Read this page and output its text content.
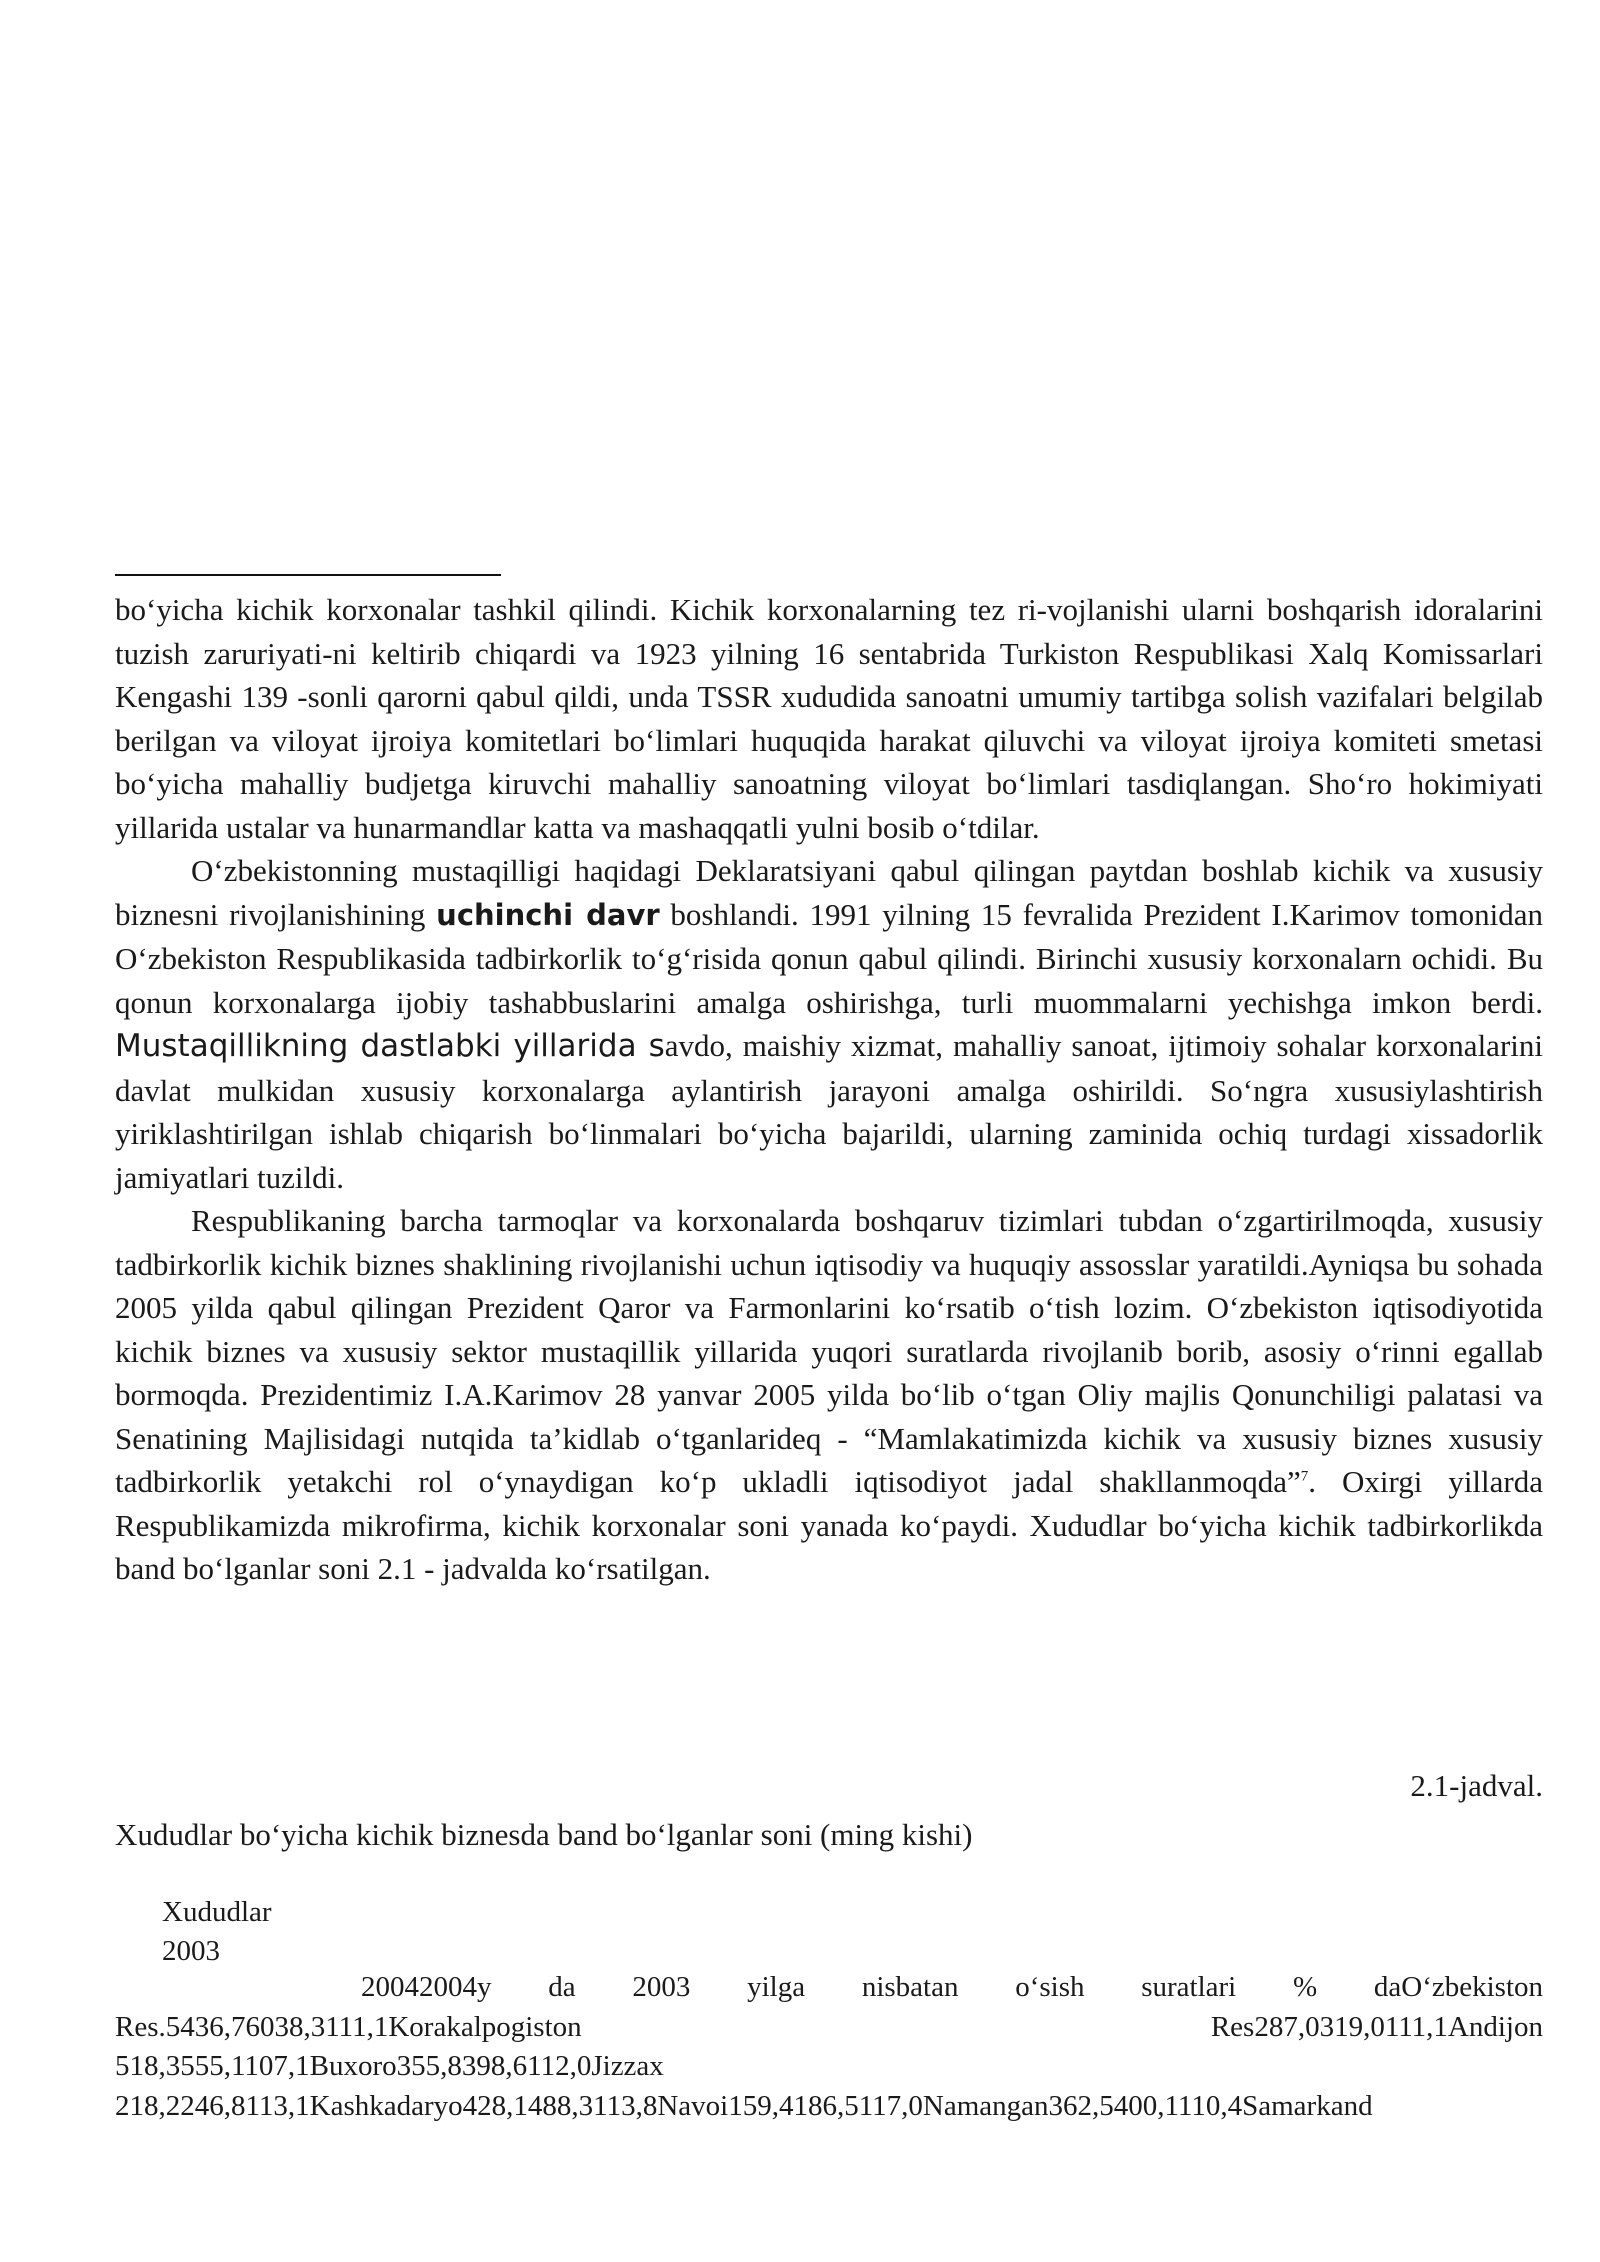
bo‘yicha kichik korxonalar tashkil qilindi. Kichik korxonalarning tez ri-vojlanishi ularni boshqarish idoralarini tuzish zaruriyati-ni keltirib chiqardi va 1923 yilning 16 sentabrida Turkiston Respublikasi Xalq Komissarlari Kengashi 139 -sonli qarorni qabul qildi, unda TSSR xududida sanoatni umumiy tartibga solish vazifalari belgilab berilgan va viloyat ijroiya komitetlari bo‘limlari huquqida harakat qiluvchi va viloyat ijroiya komiteti smetasi bo‘yicha mahalliy budjetga kiruvchi mahalliy sanoatning viloyat bo‘limlari tasdiqlangan. Sho‘ro hokimiyati yillarida ustalar va hunarmandlar katta va mashaqqatli yulni bosib o‘tdilar.

O‘zbekistonning mustaqilligi haqidagi Deklaratsiyani qabul qilingan paytdan boshlab kichik va xususiy biznesni rivojlanishining uchinchi davr boshlandi. 1991 yilning 15 fevralida Prezident I.Karimov tomonidan O‘zbekiston Respublikasida tadbirkorlik to‘g‘risida qonun qabul qilindi. Birinchi xususiy korxonalarn ochidi. Bu qonun korxonalarga ijobiy tashabbuslarini amalga oshirishga, turli muommalarni yechishga imkon berdi. Mustaqillikning dastlabki yillarida savdo, maishiy xizmat, mahalliy sanoat, ijtimoiy sohalar korxonalarini davlat mulkidan xususiy korxonalarga aylantirish jarayoni amalga oshirildi. So‘ngra xususiylashtirish yiriklashtirilgan ishlab chiqarish bo‘linmalari bo‘yicha bajarildi, ularning zaminida ochiq turdagi xissadorlik jamiyatlari tuzildi.

Respublikaning barcha tarmoqlar va korxonalarda boshqaruv tizimlari tubdan o‘zgartirilmoqda, xususiy tadbirkorlik kichik biznes shaklining rivojlanishi uchun iqtisodiy va huquqiy assosslar yaratildi.Ayniqsa bu sohada 2005 yilda qabul qilingan Prezident Qaror va Farmonlarini ko‘rsatib o‘tish lozim. O‘zbekiston iqtisodiyotida kichik biznes va xususiy sektor mustaqillik yillarida yuqori suratlarda rivojlanib borib, asosiy o‘rinni egallab bormoqda. Prezidentimiz I.A.Karimov 28 yanvar 2005 yilda bo‘lib o‘tgan Oliy majlis Qonunchiligi palatasi va Senatining Majlisidagi nutqida ta’kidlab o‘tganlarideq - “Mamlakatimizda kichik va xususiy biznes xususiy tadbirkorlik yetakchi rol o‘ynaydigan ko‘p ukladli iqtisodiyot jadal shakllanmoqda”$^7$. Oxirgi yillarda Respublikamizda mikrofirma, kichik korxonalar soni yanada ko‘paydi. Xududlar bo‘yicha kichik tadbirkorlikda band bo‘lganlar soni 2.1 - jadvalda ko‘rsatilgan.

2.1-jadval.
Xududlar bo‘yicha kichik biznesda band bo‘lganlar soni (ming kishi)
Xududlar
2003

20042004y da 2003 yilga nisbatan o‘sish suratlari % daO‘zbekiston

Res.5436,76038,3111,1Korakalpogiston Res287,0319,0111,1Andijon

518,3555,1107,1Buxoro355,8398,6112,0Jizzax

218,2246,8113,1Kashkadaryo428,1488,3113,8Navoi159,4186,5117,0Namangan362,5400,1110,4Samarkand
